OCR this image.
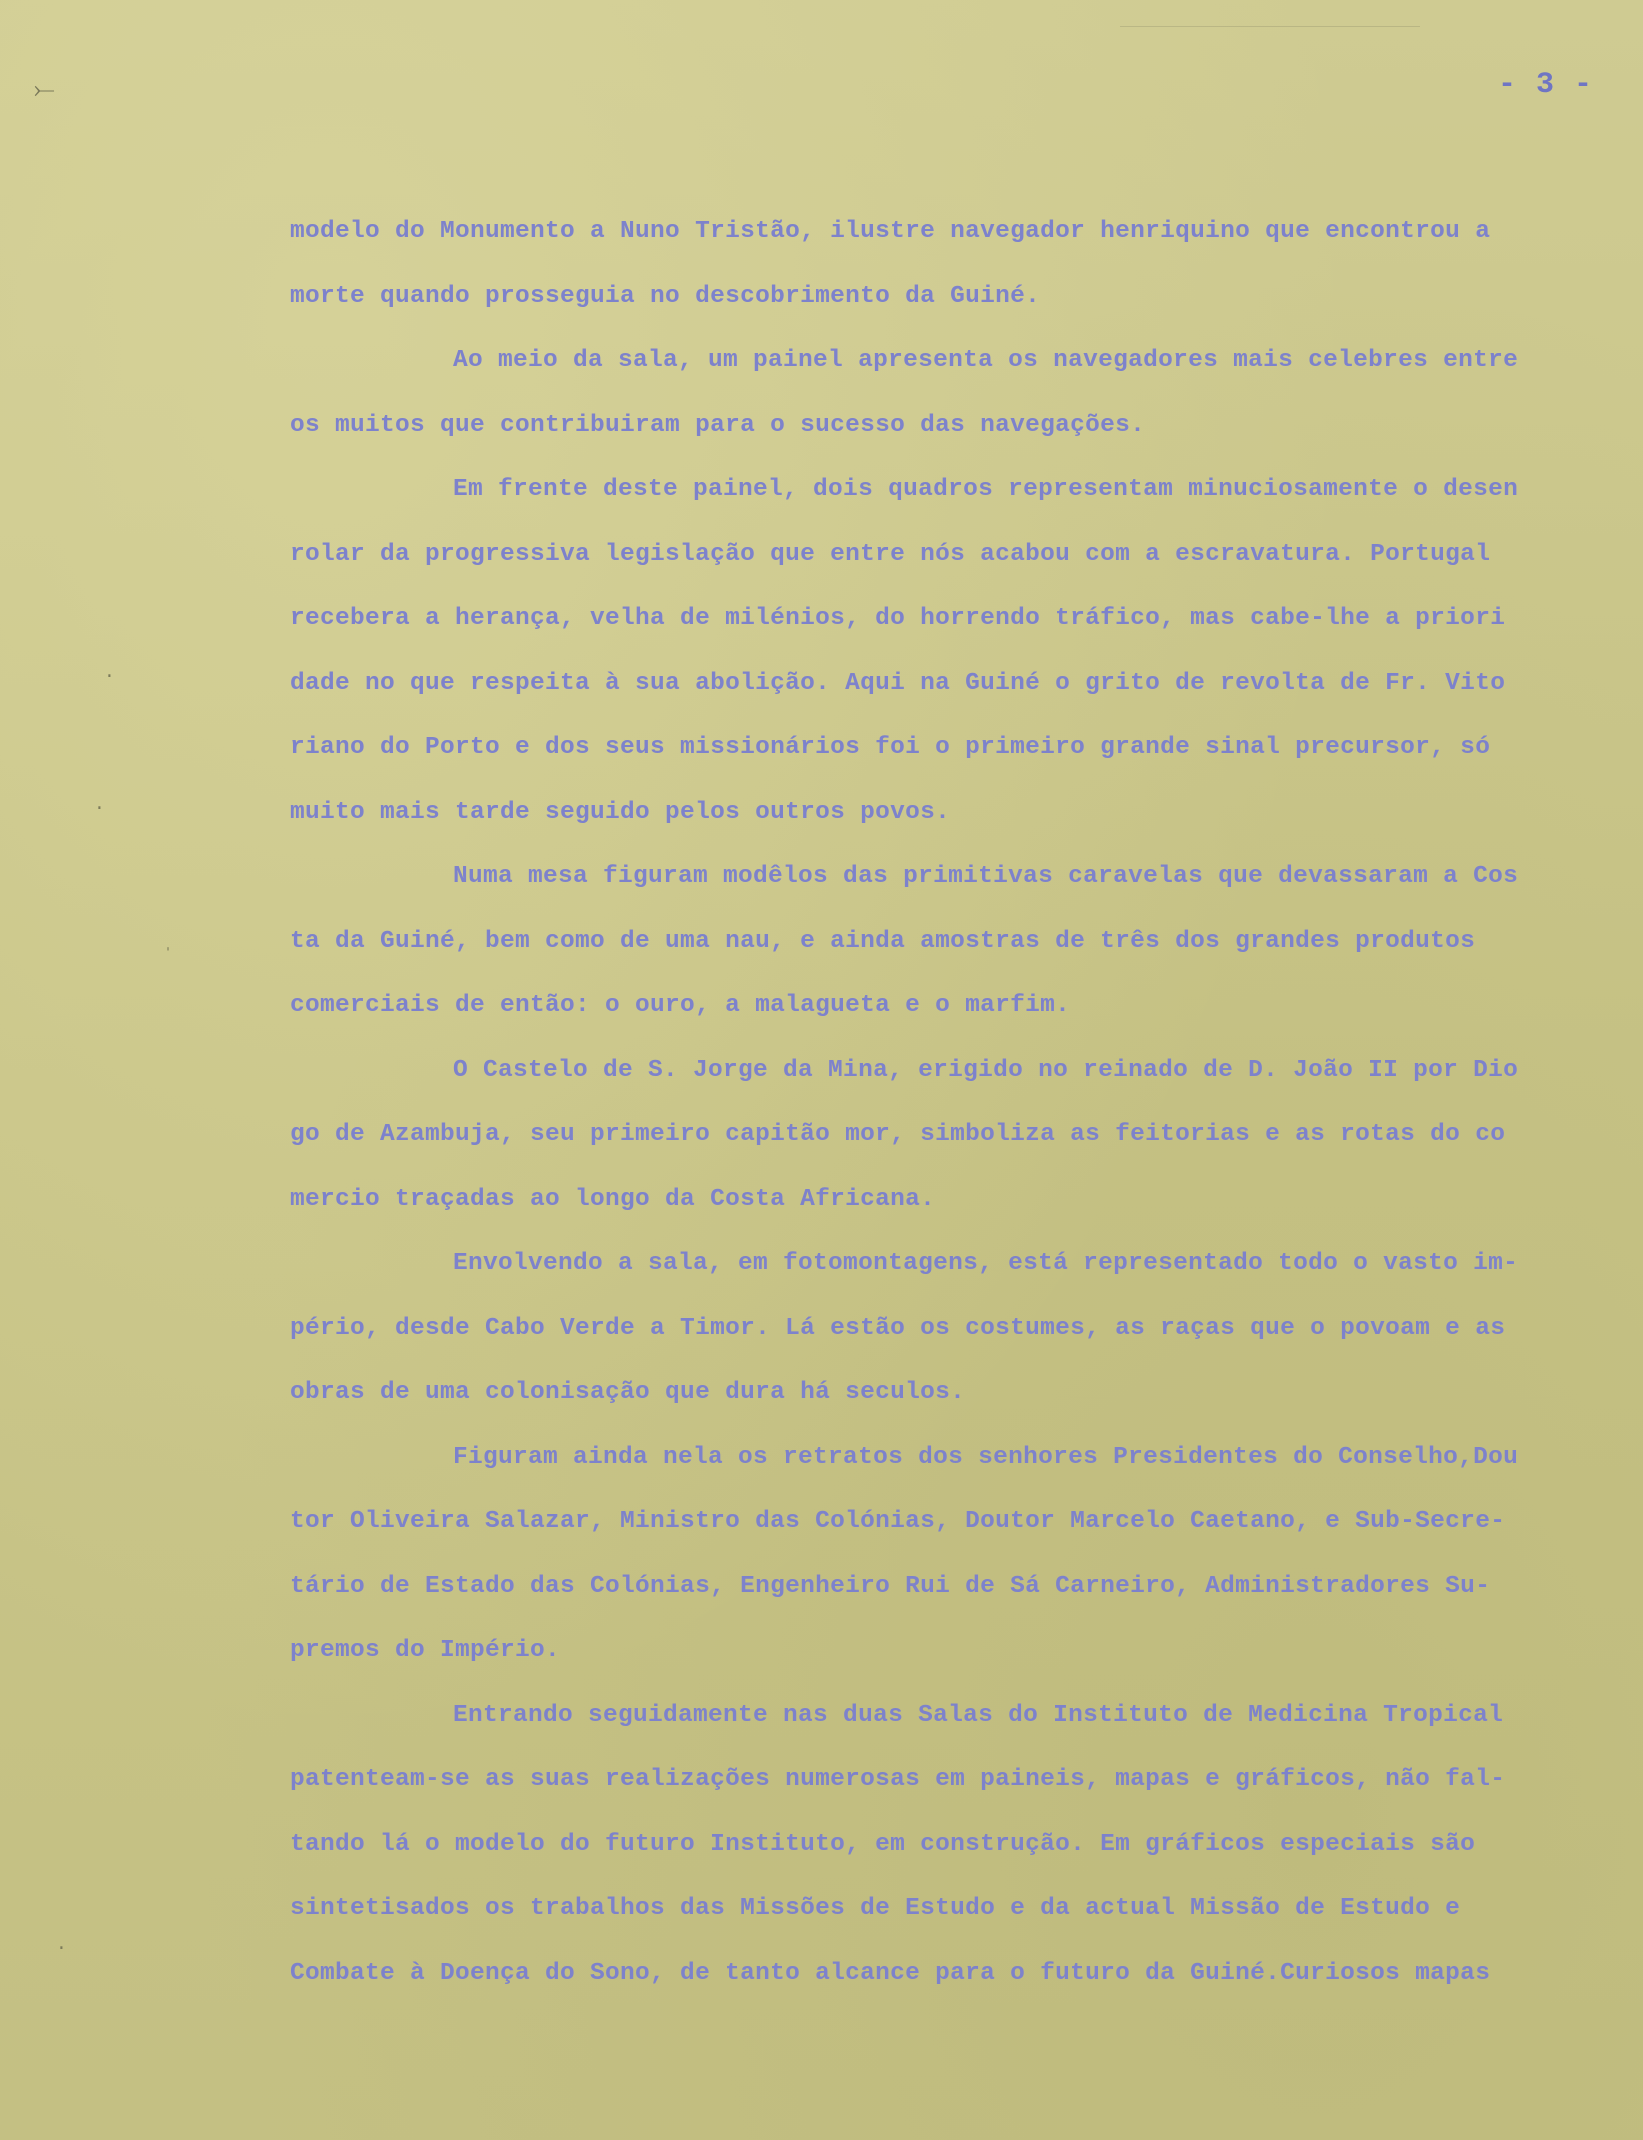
⤚
·
·
ˈ
·
- 3 -
modelo do Monumento a Nuno Tristão, ilustre navegador henriquino que encontrou a
morte quando prosseguia no descobrimento da Guiné.
Ao meio da sala, um painel apresenta os navegadores mais celebres entre
os muitos que contribuiram para o sucesso das navegações.
Em frente deste painel, dois quadros representam minuciosamente o desen
rolar da progressiva legislação que entre nós acabou com a escravatura. Portugal
recebera a herança, velha de milénios, do horrendo tráfico, mas cabe-lhe a priori
dade no que respeita à sua abolição. Aqui na Guiné o grito de revolta de Fr. Vito
riano do Porto e dos seus missionários foi o primeiro grande sinal precursor, só
muito mais tarde seguido pelos outros povos.
Numa mesa figuram modêlos das primitivas caravelas que devassaram a Cos
ta da Guiné, bem como de uma nau, e ainda amostras de três dos grandes produtos
comerciais de então: o ouro, a malagueta e o marfim.
O Castelo de S. Jorge da Mina, erigido no reinado de D. João II por Dio
go de Azambuja, seu primeiro capitão mor, simboliza as feitorias e as rotas do co
mercio traçadas ao longo da Costa Africana.
Envolvendo a sala, em fotomontagens, está representado todo o vasto im-
pério, desde Cabo Verde a Timor. Lá estão os costumes, as raças que o povoam e as
obras de uma colonisação que dura há seculos.
Figuram ainda nela os retratos dos senhores Presidentes do Conselho,Dou
tor Oliveira Salazar, Ministro das Colónias, Doutor Marcelo Caetano, e Sub-Secre-
tário de Estado das Colónias, Engenheiro Rui de Sá Carneiro, Administradores Su-
premos do Império.
Entrando seguidamente nas duas Salas do Instituto de Medicina Tropical
patenteam-se as suas realizações numerosas em paineis, mapas e gráficos, não fal-
tando lá o modelo do futuro Instituto, em construção. Em gráficos especiais são
sintetisados os trabalhos das Missões de Estudo e da actual Missão de Estudo e
Combate à Doença do Sono, de tanto alcance para o futuro da Guiné.Curiosos mapas
